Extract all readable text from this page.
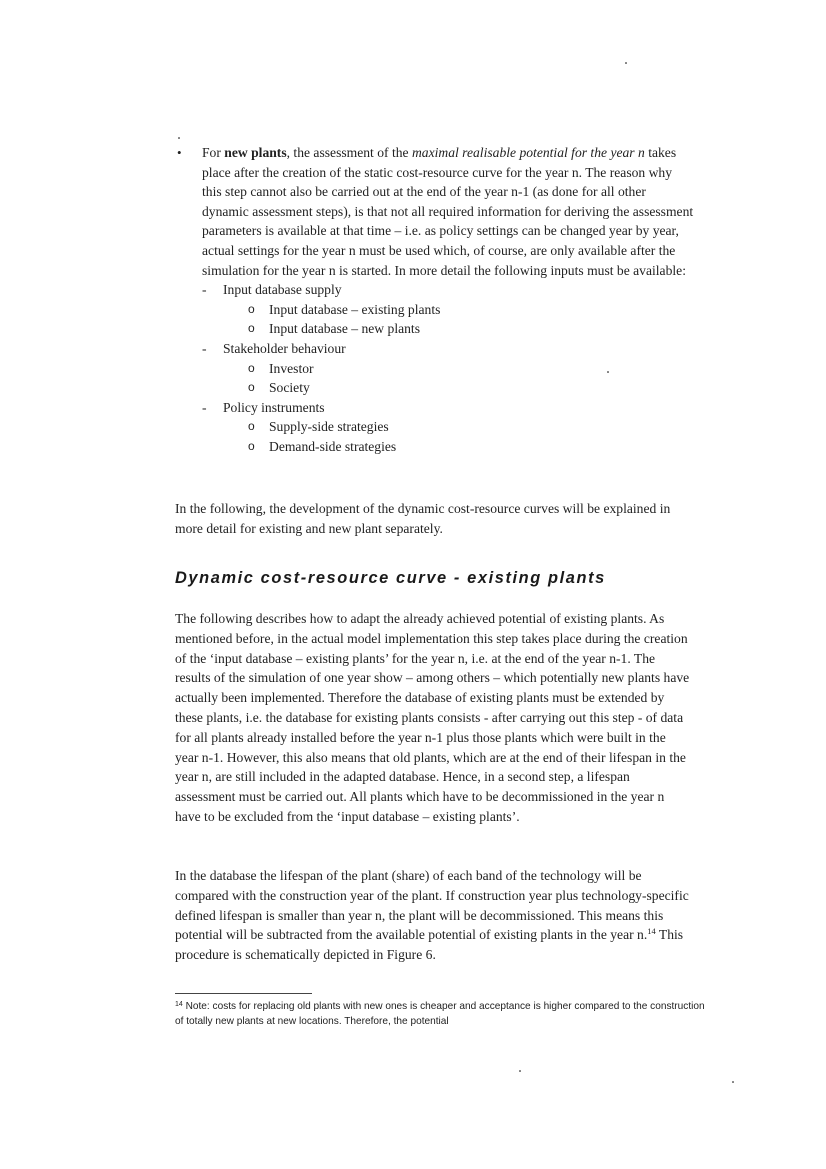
• For new plants, the assessment of the maximal realisable potential for the year n takes place after the creation of the static cost-resource curve for the year n. The reason why this step cannot also be carried out at the end of the year n-1 (as done for all other dynamic assessment steps), is that not all required information for deriving the assessment parameters is available at that time – i.e. as policy settings can be changed year by year, actual settings for the year n must be used which, of course, are only available after the simulation for the year n is started. In more detail the following inputs must be available:
- Input database supply
o Input database – existing plants
o Input database – new plants
- Stakeholder behaviour
o Investor
o Society
- Policy instruments
o Supply-side strategies
o Demand-side strategies

In the following, the development of the dynamic cost-resource curves will be explained in more detail for existing and new plant separately.

Dynamic cost-resource curve - existing plants

The following describes how to adapt the already achieved potential of existing plants. As mentioned before, in the actual model implementation this step takes place during the creation of the ‘input database – existing plants’ for the year n, i.e. at the end of the year n-1. The results of the simulation of one year show – among others – which potentially new plants have actually been implemented. Therefore the database of existing plants must be extended by these plants, i.e. the database for existing plants consists - after carrying out this step - of data for all plants already installed before the year n-1 plus those plants which were built in the year n-1. However, this also means that old plants, which are at the end of their lifespan in the year n, are still included in the adapted database. Hence, in a second step, a lifespan assessment must be carried out. All plants which have to be decommissioned in the year n have to be excluded from the ‘input database – existing plants’.

In the database the lifespan of the plant (share) of each band of the technology will be compared with the construction year of the plant. If construction year plus technology-specific defined lifespan is smaller than year n, the plant will be decommissioned. This means this potential will be subtracted from the available potential of existing plants in the year n.$^{14}$ This procedure is schematically depicted in Figure 6.

$^{14}$ Note: costs for replacing old plants with new ones is cheaper and acceptance is higher compared to the construction of totally new plants at new locations. Therefore, the potential
